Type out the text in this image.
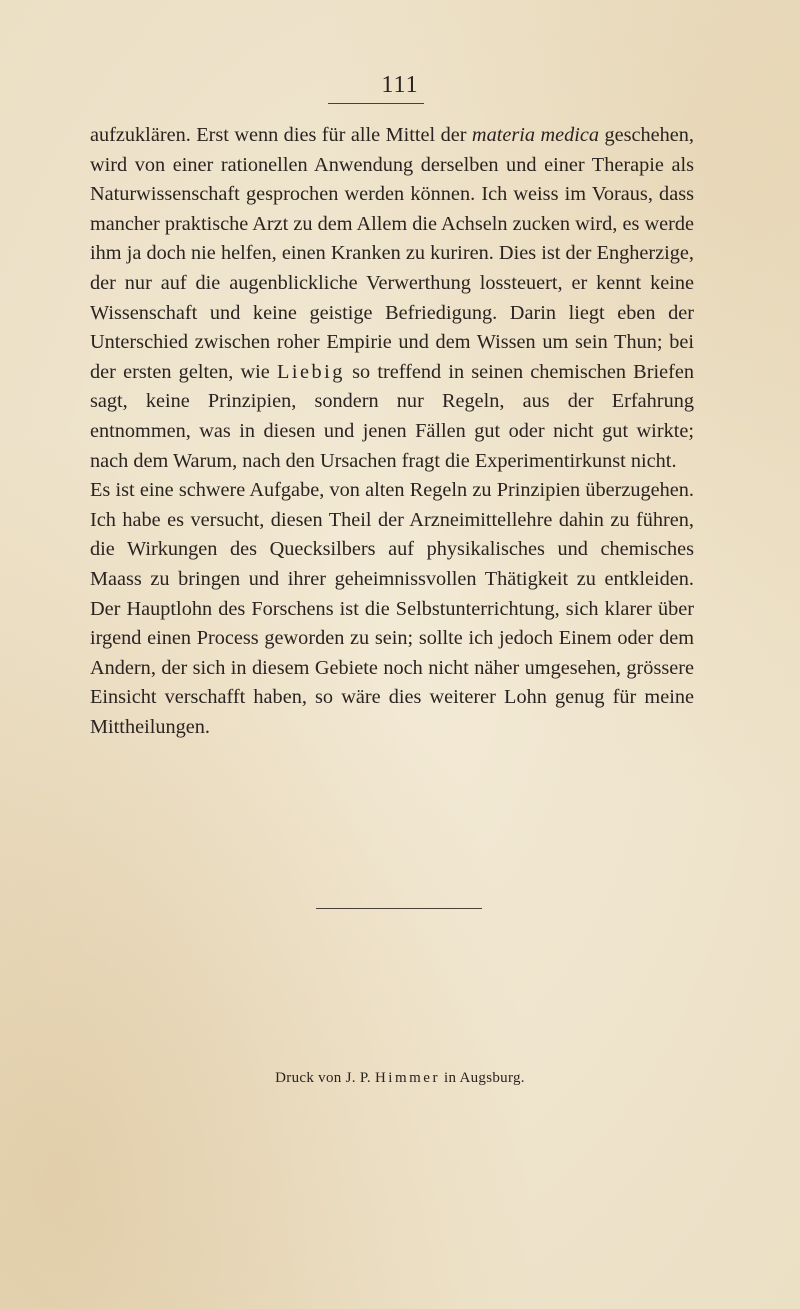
111

aufzuklären. Erst wenn dies für alle Mittel der materia medica geschehen, wird von einer rationellen Anwendung derselben und einer Therapie als Naturwissenschaft gesprochen werden können. Ich weiss im Voraus, dass mancher praktische Arzt zu dem Allem die Achseln zucken wird, es werde ihm ja doch nie helfen, einen Kranken zu kuriren. Dies ist der Engherzige, der nur auf die augenblickliche Verwerthung lossteuert, er kennt keine Wissenschaft und keine geistige Befriedigung. Darin liegt eben der Unterschied zwischen roher Empirie und dem Wissen um sein Thun; bei der ersten gelten, wie Liebig so treffend in seinen chemischen Briefen sagt, keine Prinzipien, sondern nur Regeln, aus der Erfahrung entnommen, was in diesen und jenen Fällen gut oder nicht gut wirkte; nach dem Warum, nach den Ursachen fragt die Experimentirkunst nicht.

Es ist eine schwere Aufgabe, von alten Regeln zu Prinzipien überzugehen. Ich habe es versucht, diesen Theil der Arzneimittellehre dahin zu führen, die Wirkungen des Quecksilbers auf physikalisches und chemisches Maass zu bringen und ihrer geheimnissvollen Thätigkeit zu entkleiden. Der Hauptlohn des Forschens ist die Selbstunterrichtung, sich klarer über irgend einen Process geworden zu sein; sollte ich jedoch Einem oder dem Andern, der sich in diesem Gebiete noch nicht näher umgesehen, grössere Einsicht verschafft haben, so wäre dies weiterer Lohn genug für meine Mittheilungen.

Druck von J. P. Himmer in Augsburg.
